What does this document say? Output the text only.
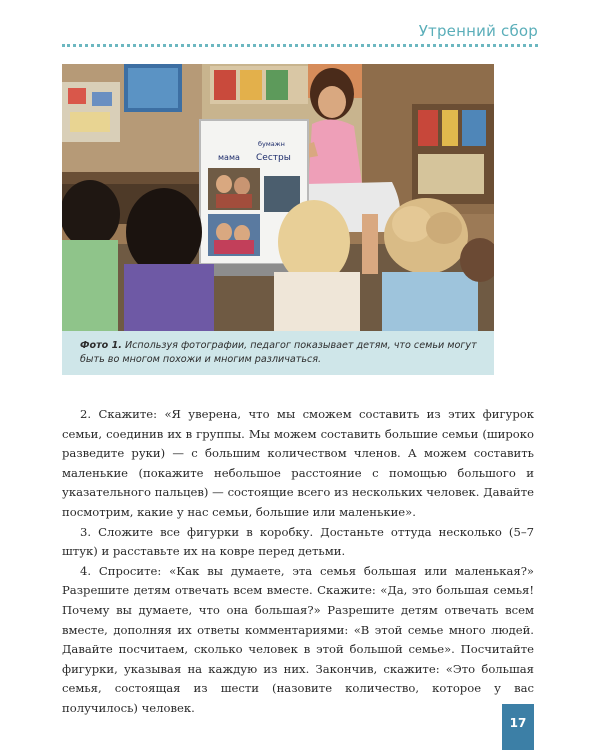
Утренний сбор
мама
бумажн
Сестры
Фото 1. Используя фотографии, педагог показывает детям, что семьи могут быть во многом похожи и многим различаться.

2. Скажите: «Я уверена, что мы сможем составить из этих фигурок семьи, соединив их в группы. Мы можем составить большие семьи (широко разведите руки) — с большим количеством членов. А можем составить маленькие (покажите небольшое расстояние с помощью большого и указательного пальцев) — состоящие всего из нескольких человек. Давайте посмотрим, какие у нас семьи, большие или маленькие».

3. Сложите все фигурки в коробку. Достаньте оттуда несколько (5–7 штук) и расставьте их на ковре перед детьми.

4. Спросите: «Как вы думаете, эта семья большая или маленькая?» Разрешите детям отвечать всем вместе. Скажите: «Да, это большая семья! Почему вы думаете, что она большая?» Разрешите детям отвечать всем вместе, дополняя их ответы комментариями: «В этой семье много людей. Давайте посчитаем, сколько человек в этой большой семье». Посчитайте фигурки, указывая на каждую из них. Закончив, скажите: «Это большая семья, состоящая из шести (назовите количество, которое у вас получилось) человек.

17
